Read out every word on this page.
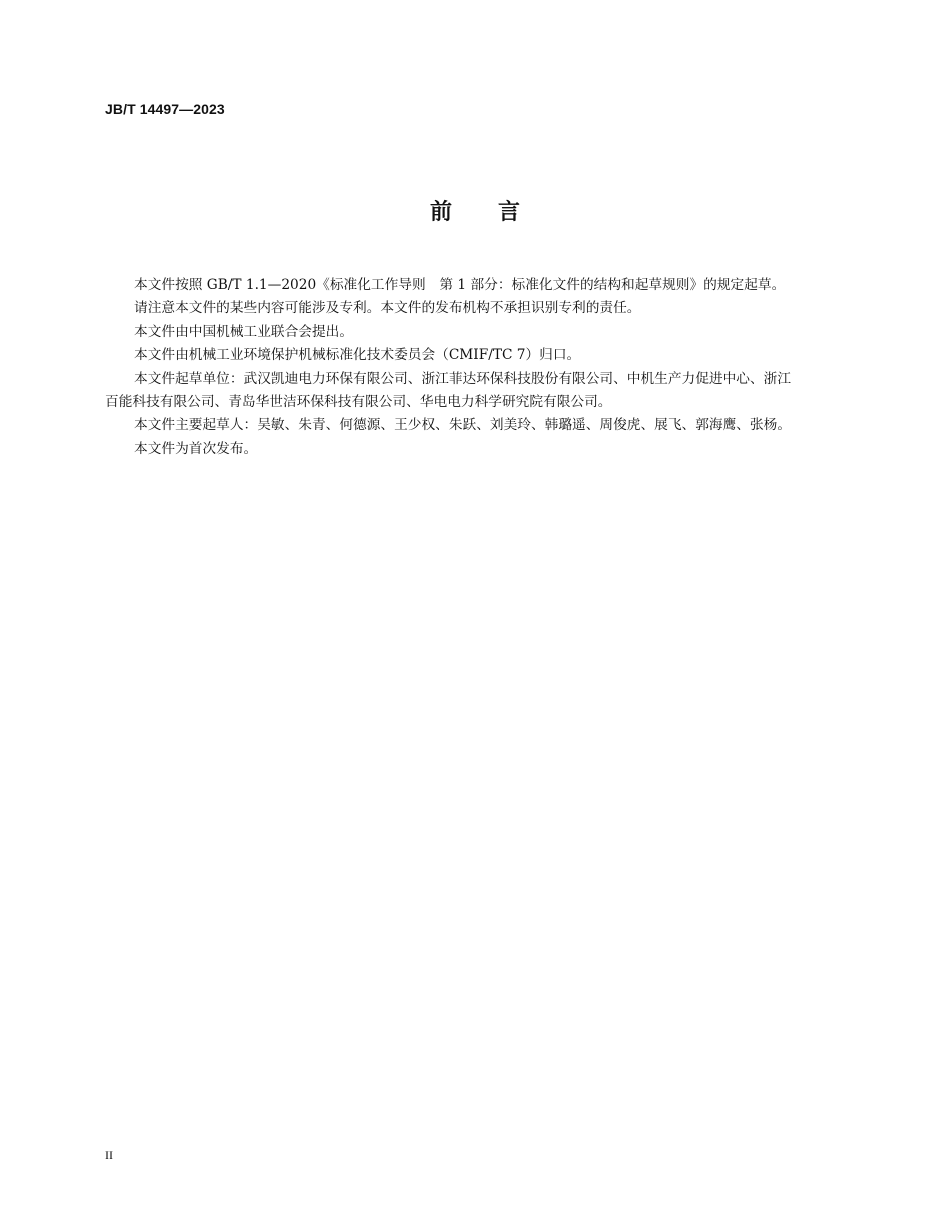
JB/T 14497—2023
前 言

本文件按照 GB/T 1.1—2020《标准化工作导则　第 1 部分：标准化文件的结构和起草规则》的规定起草。

请注意本文件的某些内容可能涉及专利。本文件的发布机构不承担识别专利的责任。

本文件由中国机械工业联合会提出。

本文件由机械工业环境保护机械标准化技术委员会（CMIF/TC 7）归口。

本文件起草单位：武汉凯迪电力环保有限公司、浙江菲达环保科技股份有限公司、中机生产力促进中心、浙江百能科技有限公司、青岛华世洁环保科技有限公司、华电电力科学研究院有限公司。

本文件主要起草人：吴敏、朱青、何德源、王少权、朱跃、刘美玲、韩璐遥、周俊虎、展飞、郭海鹰、张杨。

本文件为首次发布。

II
